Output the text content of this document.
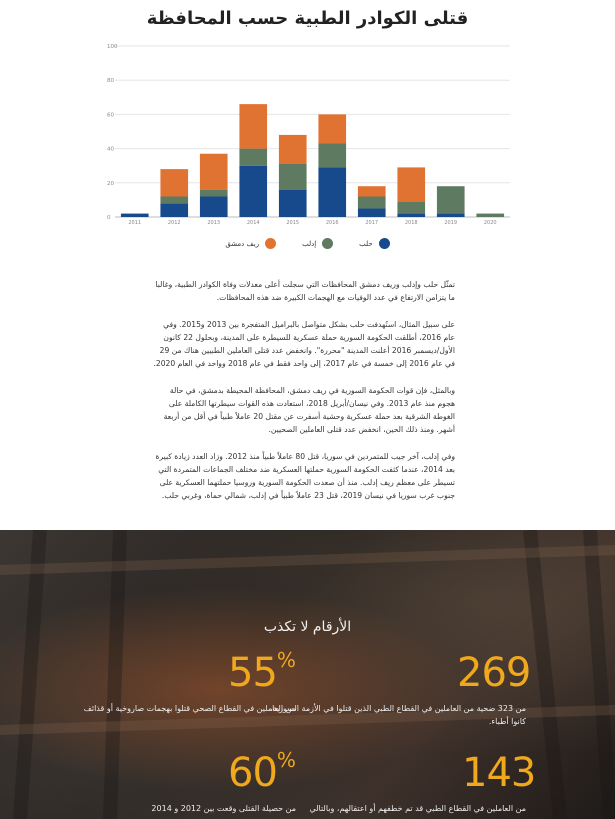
قتلى الكوادر الطبية حسب المحافظة
2011	2012	2013	2014	2015	2016	2017	2018	2019	2020
0
20
40
60
80
100
حلب
إدلب
ريف دمشق

تمثّل حلب وإدلب وريف دمشق المحافظات التي سجلت أعلى معدلات وفاة الكوادر الطبية، وغالبا ما يتزامن الارتفاع في عدد الوفيات مع الهجمات الكبيرة ضد هذه المحافظات.

على سبيل المثال، استُهدفت حلب بشكل متواصل بالبراميل المتفجرة بين 2013 و2015. وفي عام 2016، أطلقت الحكومة السورية حملة عسكرية للسيطرة على المدينة، وبحلول 22 كانون الأول/ديسمبر 2016 أعلنت المدينة "محررة". وانخفض عدد قتلى العاملين الطبيين هناك من 29 في عام 2016 إلى خمسة في عام 2017، إلى واحد فقط في عام 2018 وواحد في العام 2020.

وبالمثل، فإن قوات الحكومة السورية في ريف دمشق، المحافظة المحيطة بدمشق، في حالة هجوم منذ عام 2013. وفي نيسان/أبريل 2018، استعادت هذه القوات سيطرتها الكاملة على الغوطة الشرقية بعد حملة عسكرية وحشية أسفرت عن مقتل 20 عاملاً طبياً في أقل من أربعة أشهر. ومنذ ذلك الحين، انخفض عدد قتلى العاملين الصحيين.

وفي إدلب، آخر جيب للمتمردين في سوريا، قتل 80 عاملاً طبياً منذ 2012. وزاد العدد زيادة كبيرة بعد 2014، عندما كثفت الحكومة السورية حملتها العسكرية ضد مختلف الجماعات المتمردة التي تسيطر على معظم ريف إدلب. منذ أن صعدت الحكومة السورية وروسيا حملتهما العسكرية على جنوب غرب سوريا في نيسان 2019، قتل 23 عاملاً طبياً في إدلب، شمالي حماة، وغربي حلب.

الأرقام لا تكذب
269
من 323 ضحية من العاملين في القطاع الطبي الذين قتلوا في الأزمة السورية، كانوا أطباء.
55%
من العاملين في القطاع الصحي قتلوا بهجمات صاروخية أو قذائف
143
من العاملين في القطاع الطبي قد تم خطفهم أو اعتقالهم، وبالتالي
60%
من حصيلة القتلى وقعت بين 2012 و 2014
